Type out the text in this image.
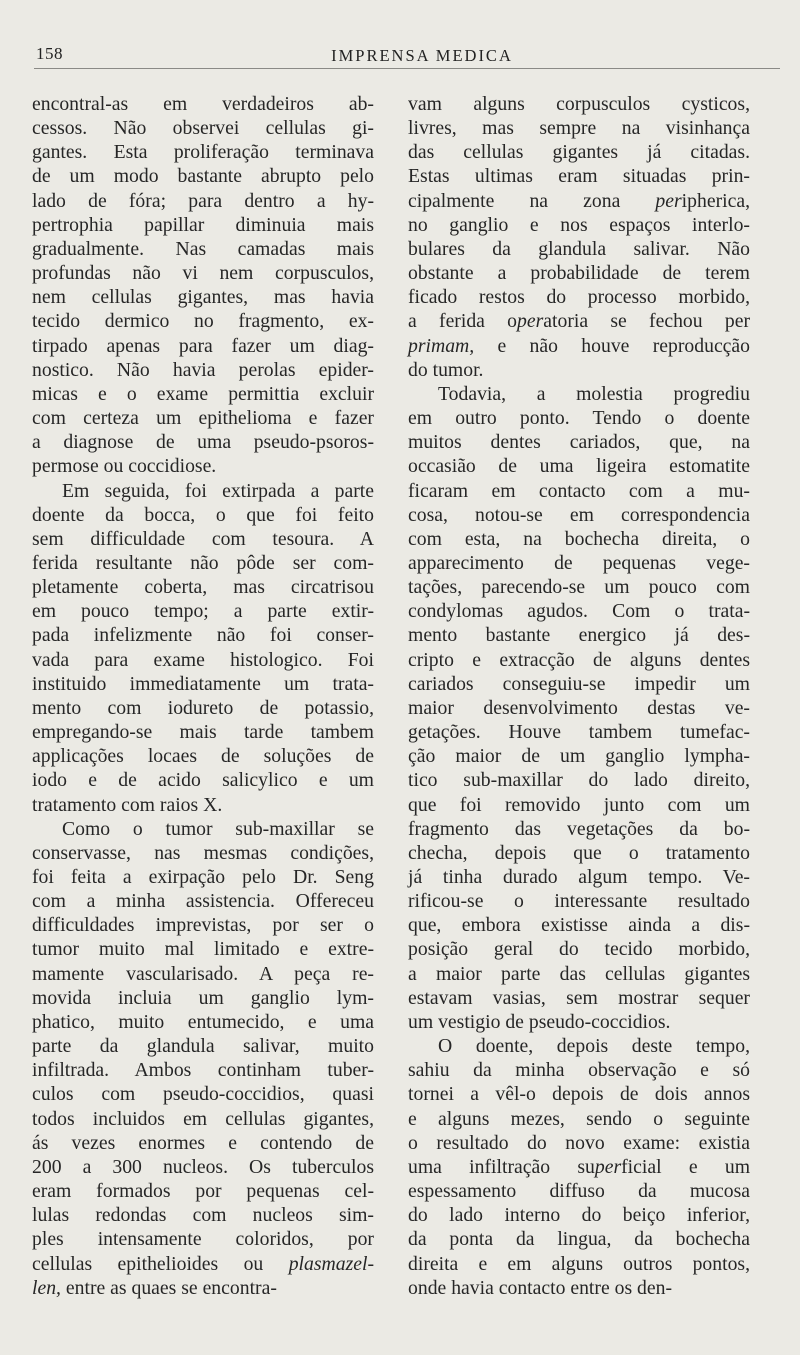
158	IMPRENSA MEDICA
encontral-as em verdadeiros ab-
cessos. Não observei cellulas gi-
gantes. Esta proliferação terminava
de um modo bastante abrupto pelo
lado de fóra; para dentro a hy-
pertrophia papillar diminuia mais
gradualmente. Nas camadas mais
profundas não vi nem corpusculos,
nem cellulas gigantes, mas havia
tecido dermico no fragmento, ex-
tirpado apenas para fazer um diag-
nostico. Não havia perolas epider-
micas e o exame permittia excluir
com certeza um epithelioma e fazer
a diagnose de uma pseudo-psoros-
permose ou coccidiose.
Em seguida, foi extirpada a parte
doente da bocca, o que foi feito
sem difficuldade com tesoura. A
ferida resultante não pôde ser com-
pletamente coberta, mas circatrisou
em pouco tempo; a parte extir-
pada infelizmente não foi conser-
vada para exame histologico. Foi
instituido immediatamente um trata-
mento com iodureto de potassio,
empregando-se mais tarde tambem
applicações locaes de soluções de
iodo e de acido salicylico e um
tratamento com raios X.
Como o tumor sub-maxillar se
conservasse, nas mesmas condições,
foi feita a exirpação pelo Dr. Seng
com a minha assistencia. Offereceu
difficuldades imprevistas, por ser o
tumor muito mal limitado e extre-
mamente vascularisado. A peça re-
movida incluia um ganglio lym-
phatico, muito entumecido, e uma
parte da glandula salivar, muito
infiltrada. Ambos continham tuber-
culos com pseudo-coccidios, quasi
todos incluidos em cellulas gigantes,
ás vezes enormes e contendo de
200 a 300 nucleos. Os tuberculos
eram formados por pequenas cel-
lulas redondas com nucleos sim-
ples intensamente coloridos, por
cellulas epithelioides ou plasmazel-
len, entre as quaes se encontra-
vam alguns corpusculos cysticos,
livres, mas sempre na visinhança
das cellulas gigantes já citadas.
Estas ultimas eram situadas prin-
cipalmente na zona peripherica,
no ganglio e nos espaços interlo-
bulares da glandula salivar. Não
obstante a probabilidade de terem
ficado restos do processo morbido,
a ferida operatoria se fechou per
primam, e não houve reproducção
do tumor.
Todavia, a molestia progrediu
em outro ponto. Tendo o doente
muitos dentes cariados, que, na
occasião de uma ligeira estomatite
ficaram em contacto com a mu-
cosa, notou-se em correspondencia
com esta, na bochecha direita, o
apparecimento de pequenas vege-
tações, parecendo-se um pouco com
condylomas agudos. Com o trata-
mento bastante energico já des-
cripto e extracção de alguns dentes
cariados conseguiu-se impedir um
maior desenvolvimento destas ve-
getações. Houve tambem tumefac-
ção maior de um ganglio lympha-
tico sub-maxillar do lado direito,
que foi removido junto com um
fragmento das vegetações da bo-
checha, depois que o tratamento
já tinha durado algum tempo. Ve-
rificou-se o interessante resultado
que, embora existisse ainda a dis-
posição geral do tecido morbido,
a maior parte das cellulas gigantes
estavam vasias, sem mostrar sequer
um vestigio de pseudo-coccidios.
O doente, depois deste tempo,
sahiu da minha observação e só
tornei a vêl-o depois de dois annos
e alguns mezes, sendo o seguinte
o resultado do novo exame: existia
uma infiltração superficial e um
espessamento diffuso da mucosa
do lado interno do beiço inferior,
da ponta da lingua, da bochecha
direita e em alguns outros pontos,
onde havia contacto entre os den-
